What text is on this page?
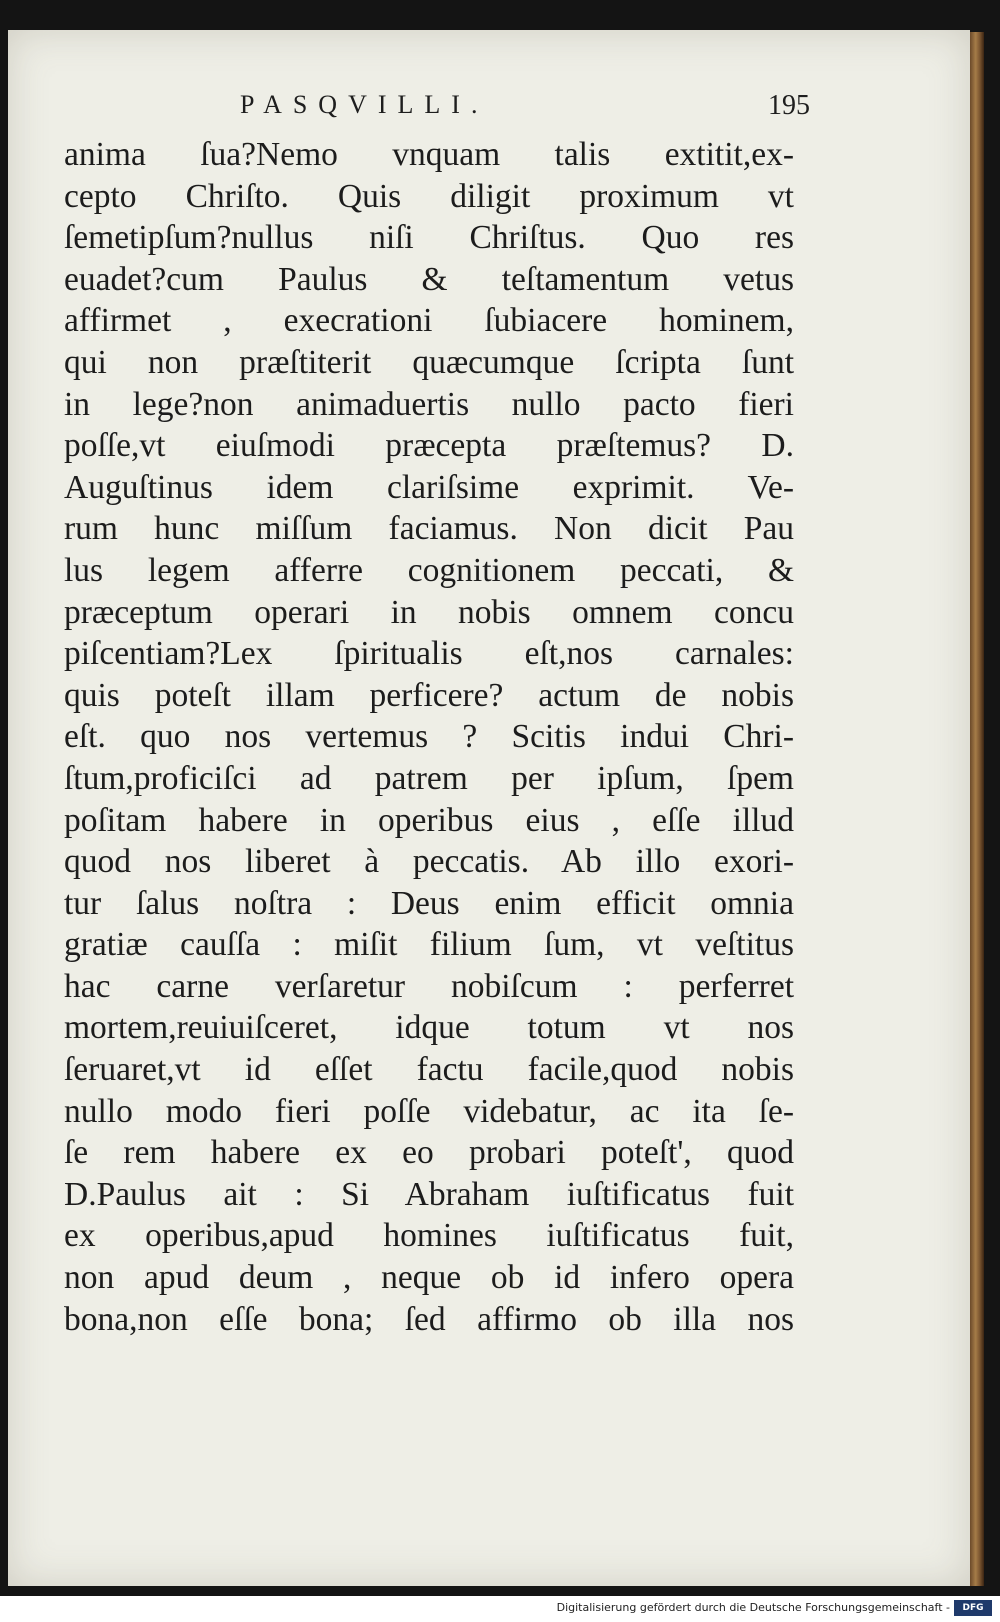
PASQVILLI.	195
anima ſua?Nemo vnquam talis extitit,ex-
cepto Chriſto. Quis diligit proximum vt
ſemetipſum?nullus niſi Chriſtus. Quo res
euadet?cum Paulus & teſtamentum vetus
affirmet , execrationi ſubiacere hominem,
qui non præſtiterit quæcumque ſcripta ſunt
in lege?non animaduertis nullo pacto fieri
poſſe,vt eiuſmodi præcepta præſtemus? D.
Auguſtinus idem clariſsime exprimit. Ve-
rum hunc miſſum faciamus. Non dicit Pau
lus legem afferre cognitionem peccati, &
præceptum operari in nobis omnem concu
piſcentiam?Lex ſpiritualis eſt,nos carnales:
quis poteſt illam perficere? actum de nobis
eſt. quo nos vertemus ? Scitis indui Chri-
ſtum,proficiſci ad patrem per ipſum, ſpem
poſitam habere in operibus eius , eſſe illud
quod nos liberet à peccatis. Ab illo exori-
tur ſalus noſtra : Deus enim efficit omnia
gratiæ cauſſa : miſit filium ſum, vt veſtitus
hac carne verſaretur nobiſcum : perferret
mortem,reuiuiſceret, idque totum vt nos
ſeruaret,vt id eſſet factu facile,quod nobis
nullo modo fieri poſſe videbatur, ac ita ſe-
ſe rem habere ex eo probari poteſt', quod
D.Paulus ait : Si Abraham iuſtificatus fuit
ex operibus,apud homines iuſtificatus fuit,
non apud deum , neque ob id infero opera
bona,non eſſe bona; ſed affirmo ob illa nos
Digitalisierung gefördert durch die Deutsche Forschungsgemeinschaft -	DFG
